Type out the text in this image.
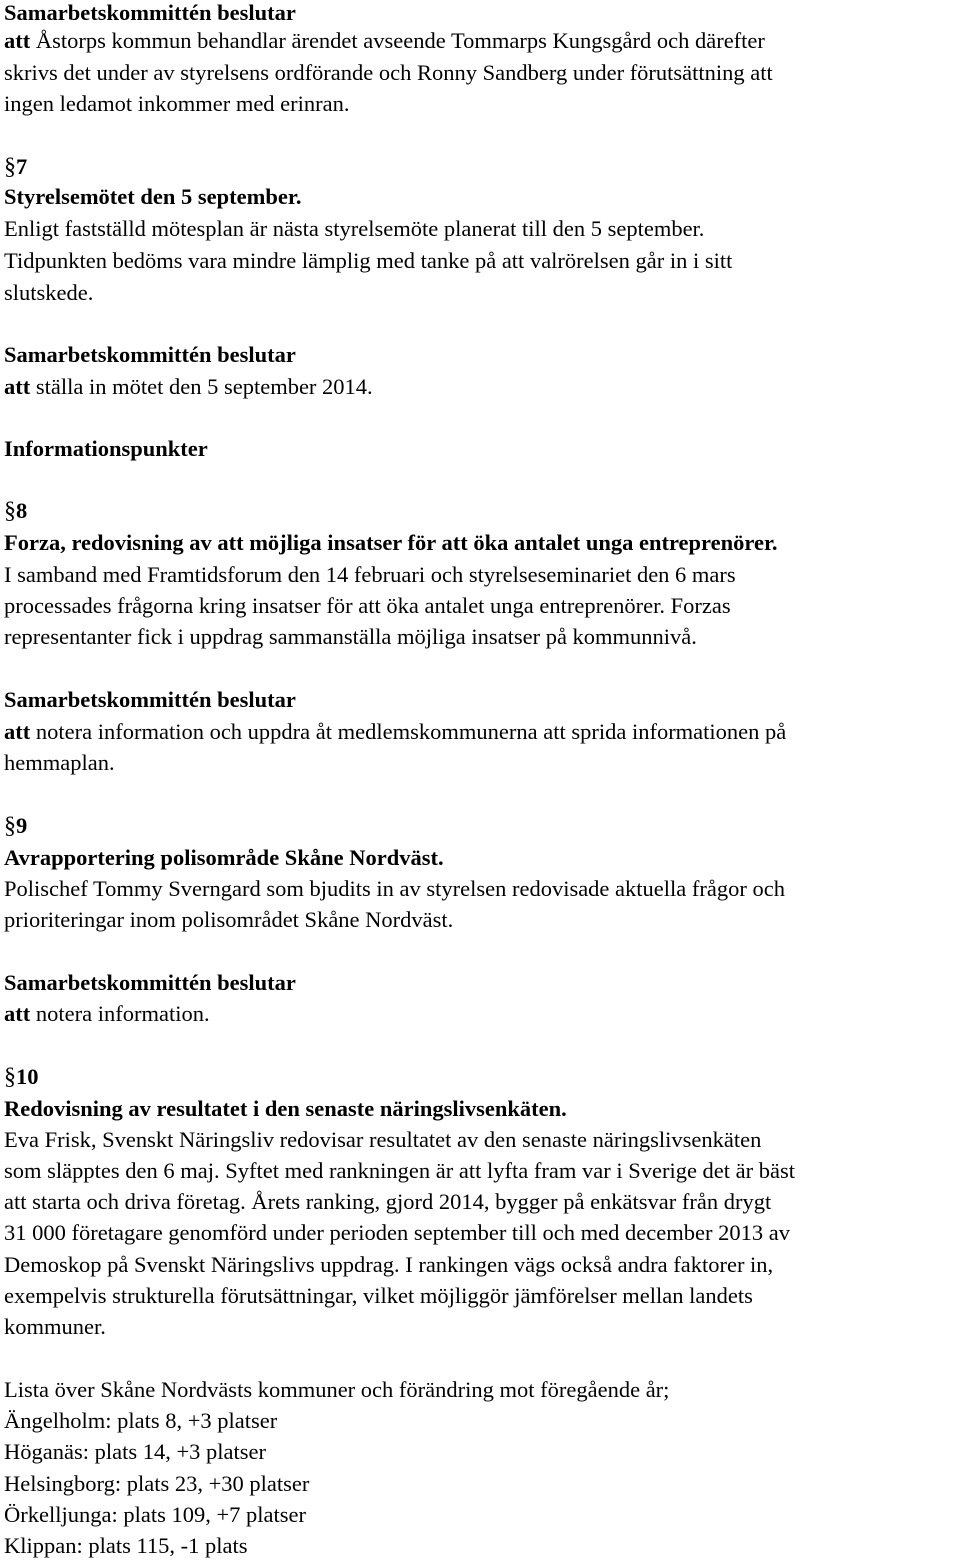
Samarbetskommittén beslutar
att Åstorps kommun behandlar ärendet avseende Tommarps Kungsgård och därefter
skrivs det under av styrelsens ordförande och Ronny Sandberg under förutsättning att
ingen ledamot inkommer med erinran.
§7
Styrelsemötet den 5 september.
Enligt fastställd mötesplan är nästa styrelsemöte planerat till den 5 september.
Tidpunkten bedöms vara mindre lämplig med tanke på att valrörelsen går in i sitt
slutskede.
Samarbetskommittén beslutar
att ställa in mötet den 5 september 2014.
Informationspunkter
§8
Forza, redovisning av att möjliga insatser för att öka antalet unga entreprenörer.
I samband med Framtidsforum den 14 februari och styrelseseminariet den 6 mars
processades frågorna kring insatser för att öka antalet unga entreprenörer. Forzas
representanter fick i uppdrag sammanställa möjliga insatser på kommunnivå.
Samarbetskommittén beslutar
att notera information och uppdra åt medlemskommunerna att sprida informationen på
hemmaplan.
§9
Avrapportering polisområde Skåne Nordväst.
Polischef Tommy Sverngard som bjudits in av styrelsen redovisade aktuella frågor och
prioriteringar inom polisområdet Skåne Nordväst.
Samarbetskommittén beslutar
att notera information.
§10
Redovisning av resultatet i den senaste näringslivsenkäten.
Eva Frisk, Svenskt Näringsliv redovisar resultatet av den senaste näringslivsenkäten
som släpptes den 6 maj. Syftet med rankningen är att lyfta fram var i Sverige det är bäst
att starta och driva företag. Årets ranking, gjord 2014, bygger på enkätsvar från drygt
31 000 företagare genomförd under perioden september till och med december 2013 av
Demoskop på Svenskt Näringslivs uppdrag. I rankingen vägs också andra faktorer in,
exempelvis strukturella förutsättningar, vilket möjliggör jämförelser mellan landets
kommuner.
Lista över Skåne Nordvästs kommuner och förändring mot föregående år;
Ängelholm: plats 8, +3 platser
Höganäs: plats 14, +3 platser
Helsingborg: plats 23, +30 platser
Örkelljunga: plats 109, +7 platser
Klippan: plats 115, -1 plats
